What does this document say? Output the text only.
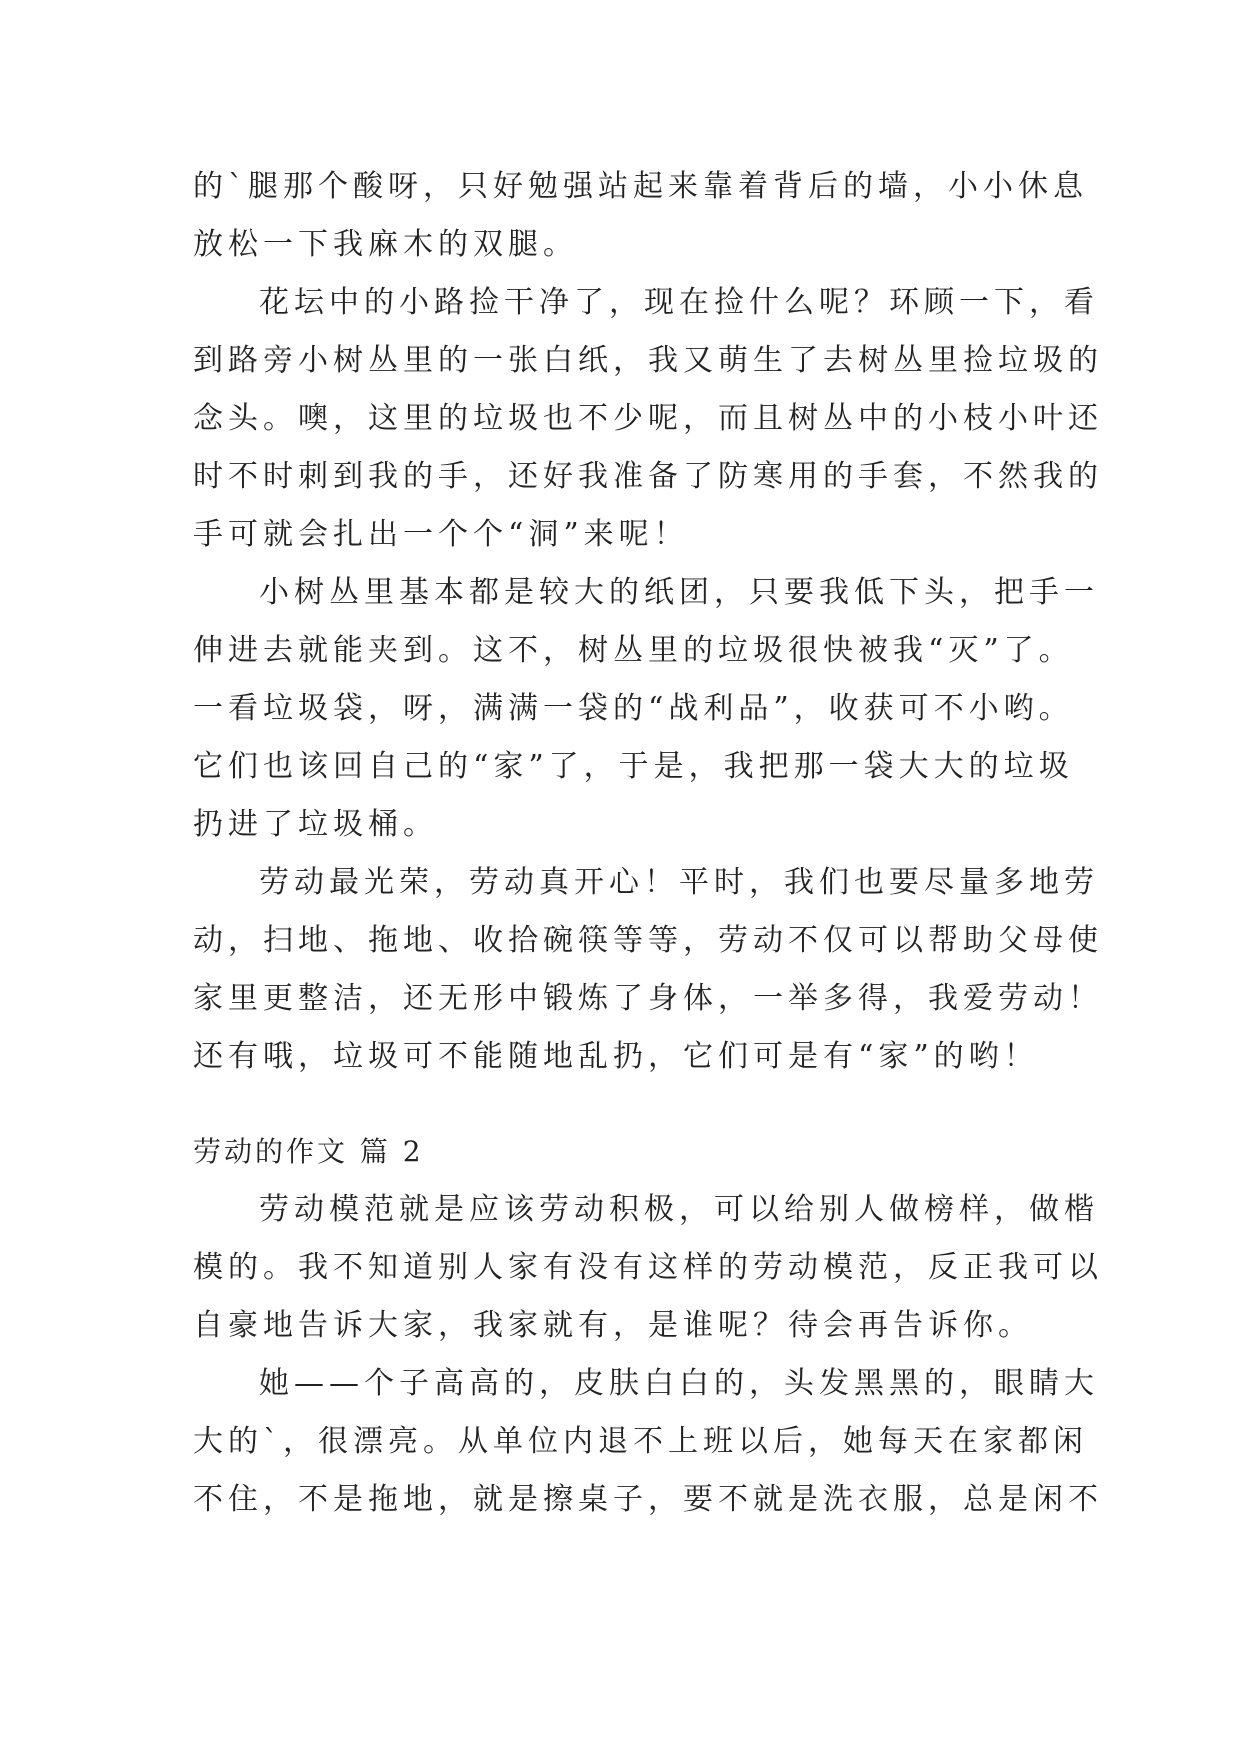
的`腿那个酸呀，只好勉强站起来靠着背后的墙，小小休息
放松一下我麻木的双腿。
花坛中的小路捡干净了，现在捡什么呢？环顾一下，看
到路旁小树丛里的一张白纸，我又萌生了去树丛里捡垃圾的
念头。噢，这里的垃圾也不少呢，而且树丛中的小枝小叶还
时不时刺到我的手，还好我准备了防寒用的手套，不然我的
手可就会扎出一个个“洞”来呢！
小树丛里基本都是较大的纸团，只要我低下头，把手一
伸进去就能夹到。这不，树丛里的垃圾很快被我“灭”了。
一看垃圾袋，呀，满满一袋的“战利品”，收获可不小哟。
它们也该回自己的“家”了，于是，我把那一袋大大的垃圾
扔进了垃圾桶。
劳动最光荣，劳动真开心！平时，我们也要尽量多地劳
动，扫地、拖地、收拾碗筷等等，劳动不仅可以帮助父母使
家里更整洁，还无形中锻炼了身体，一举多得，我爱劳动！
还有哦，垃圾可不能随地乱扔，它们可是有“家”的哟！
劳动的作文 篇 2
劳动模范就是应该劳动积极，可以给别人做榜样，做楷
模的。我不知道别人家有没有这样的劳动模范，反正我可以
自豪地告诉大家，我家就有，是谁呢？待会再告诉你。
她——个子高高的，皮肤白白的，头发黑黑的，眼睛大
大的`，很漂亮。从单位内退不上班以后，她每天在家都闲
不住，不是拖地，就是擦桌子，要不就是洗衣服，总是闲不
